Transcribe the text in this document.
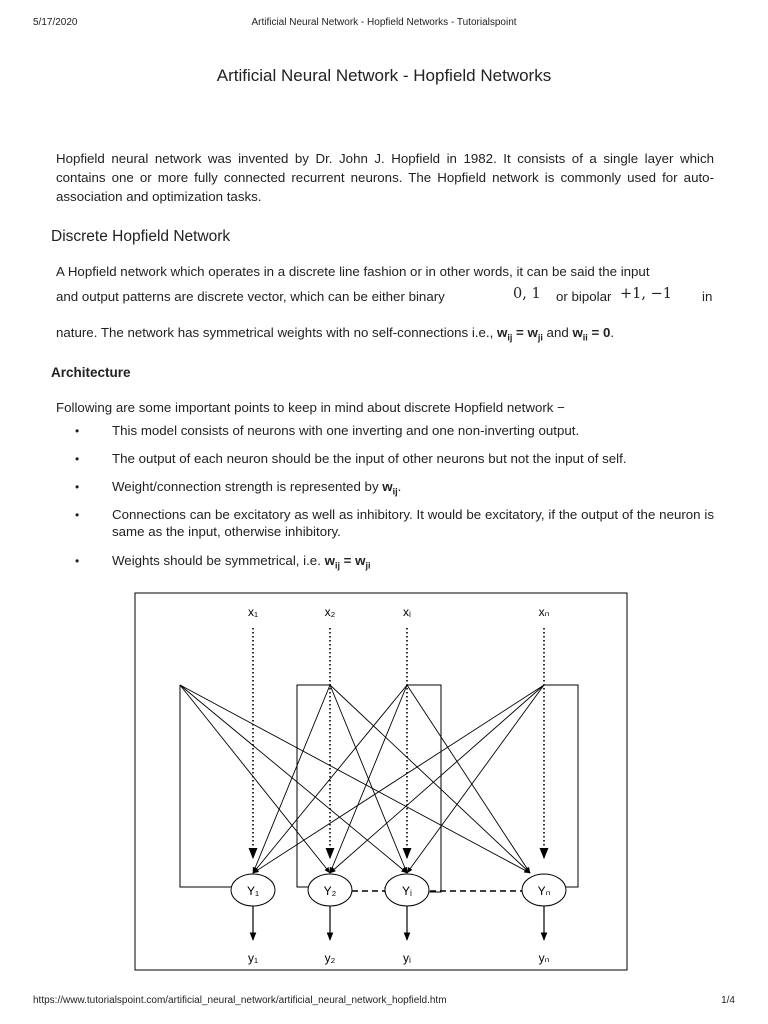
5/17/2020	Artificial Neural Network - Hopfield Networks - Tutorialspoint
Artificial Neural Network - Hopfield Networks

Hopfield neural network was invented by Dr. John J. Hopfield in 1982. It consists of a single layer which contains one or more fully connected recurrent neurons. The Hopfield network is commonly used for auto-association and optimization tasks.

Discrete Hopfield Network
A Hopfield network which operates in a discrete line fashion or in other words, it can be said the input
and output patterns are discrete vector, which can be either binary	0, 1 or bipolar +1, −1 in
nature. The network has symmetrical weights with no self-connections i.e., $w_{ij} = w_{ji}$ and $w_{ii} = 0$.
Architecture
Following are some important points to keep in mind about discrete Hopfield network −
• This model consists of neurons with one inverting and one non-inverting output.
• The output of each neuron should be the input of other neurons but not the input of self.
• Weight/connection strength is represented by $w_{ij}$.
• Connections can be excitatory as well as inhibitory. It would be excitatory, if the output of the neuron is same as the input, otherwise inhibitory.
• Weights should be symmetrical, i.e. $w_{ij} = w_{ji}$
x₁	x₂	xᵢ	xₙ
Y₁	Y₂	Yᵢ	Yₙ
y₁	y₂	yᵢ	yₙ
https://www.tutorialspoint.com/artificial_neural_network/artificial_neural_network_hopfield.htm	1/4
